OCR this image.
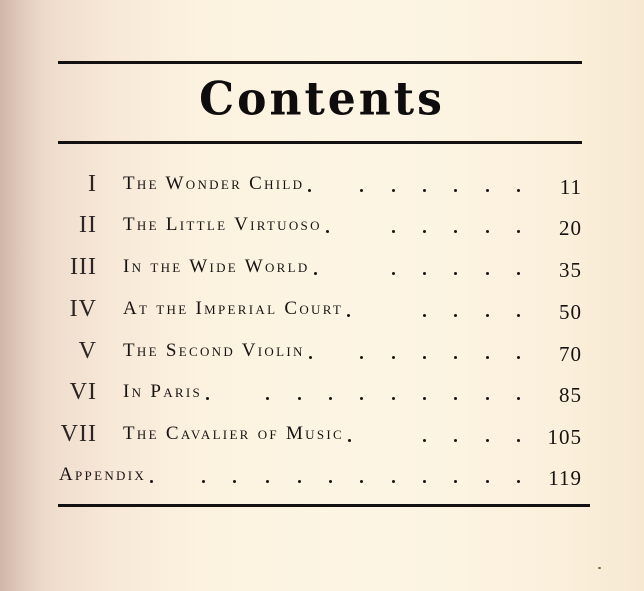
Contents
I The Wonder Child	11
II The Little Virtuoso	20
III In the Wide World	35
IV At the Imperial Court	50
V The Second Violin	70
VI In Paris	85
VII The Cavalier of Music	105
Appendix	119
